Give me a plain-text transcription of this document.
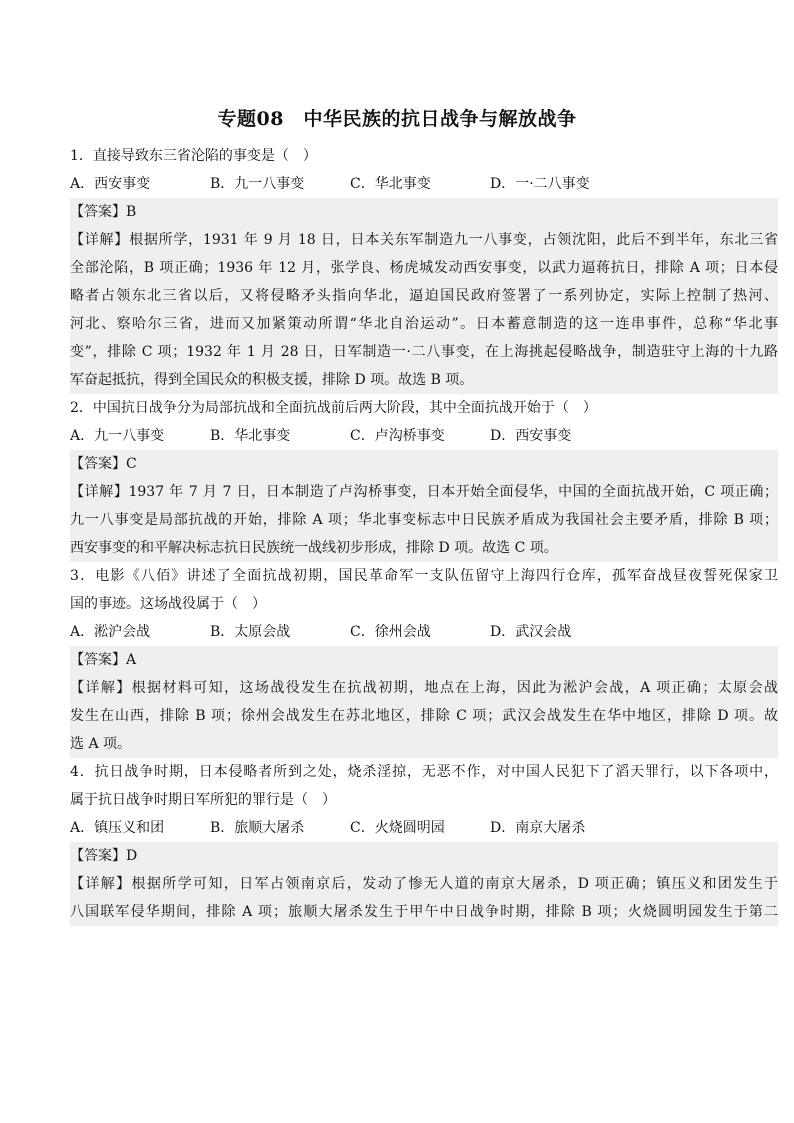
专题08　中华民族的抗日战争与解放战争
1．直接导致东三省沦陷的事变是（　）
A．西安事变	B．九一八事变	C．华北事变	D．一·二八事变
【答案】B
【详解】根据所学，1931 年 9 月 18 日，日本关东军制造九一八事变，占领沈阳，此后不到半年，东北三省
全部沦陷，B 项正确；1936 年 12 月，张学良、杨虎城发动西安事变，以武力逼蒋抗日，排除 A 项；日本侵
略者占领东北三省以后，又将侵略矛头指向华北，逼迫国民政府签署了一系列协定，实际上控制了热河、
河北、察哈尔三省，进而又加紧策动所谓“华北自治运动”。日本蓄意制造的这一连串事件，总称“华北事
变”，排除 C 项；1932 年 1 月 28 日，日军制造一·二八事变，在上海挑起侵略战争，制造驻守上海的十九路
军奋起抵抗，得到全国民众的积极支援，排除 D 项。故选 B 项。
2．中国抗日战争分为局部抗战和全面抗战前后两大阶段，其中全面抗战开始于（　）
A．九一八事变	B．华北事变	C．卢沟桥事变	D．西安事变
【答案】C
【详解】1937 年 7 月 7 日，日本制造了卢沟桥事变，日本开始全面侵华，中国的全面抗战开始，C 项正确；
九一八事变是局部抗战的开始，排除 A 项；华北事变标志中日民族矛盾成为我国社会主要矛盾，排除 B 项；
西安事变的和平解决标志抗日民族统一战线初步形成，排除 D 项。故选 C 项。
3．电影《八佰》讲述了全面抗战初期，国民革命军一支队伍留守上海四行仓库，孤军奋战昼夜誓死保家卫
国的事迹。这场战役属于（　）
A．淞沪会战	B．太原会战	C．徐州会战	D．武汉会战
【答案】A
【详解】根据材料可知，这场战役发生在抗战初期，地点在上海，因此为淞沪会战，A 项正确；太原会战
发生在山西，排除 B 项；徐州会战发生在苏北地区，排除 C 项；武汉会战发生在华中地区，排除 D 项。故
选 A 项。
4．抗日战争时期，日本侵略者所到之处，烧杀淫掠，无恶不作，对中国人民犯下了滔天罪行，以下各项中，
属于抗日战争时期日军所犯的罪行是（　）
A．镇压义和团	B．旅顺大屠杀	C．火烧圆明园	D．南京大屠杀
【答案】D
【详解】根据所学可知，日军占领南京后，发动了惨无人道的南京大屠杀，D 项正确；镇压义和团发生于
八国联军侵华期间，排除 A 项；旅顺大屠杀发生于甲午中日战争时期，排除 B 项；火烧圆明园发生于第二
